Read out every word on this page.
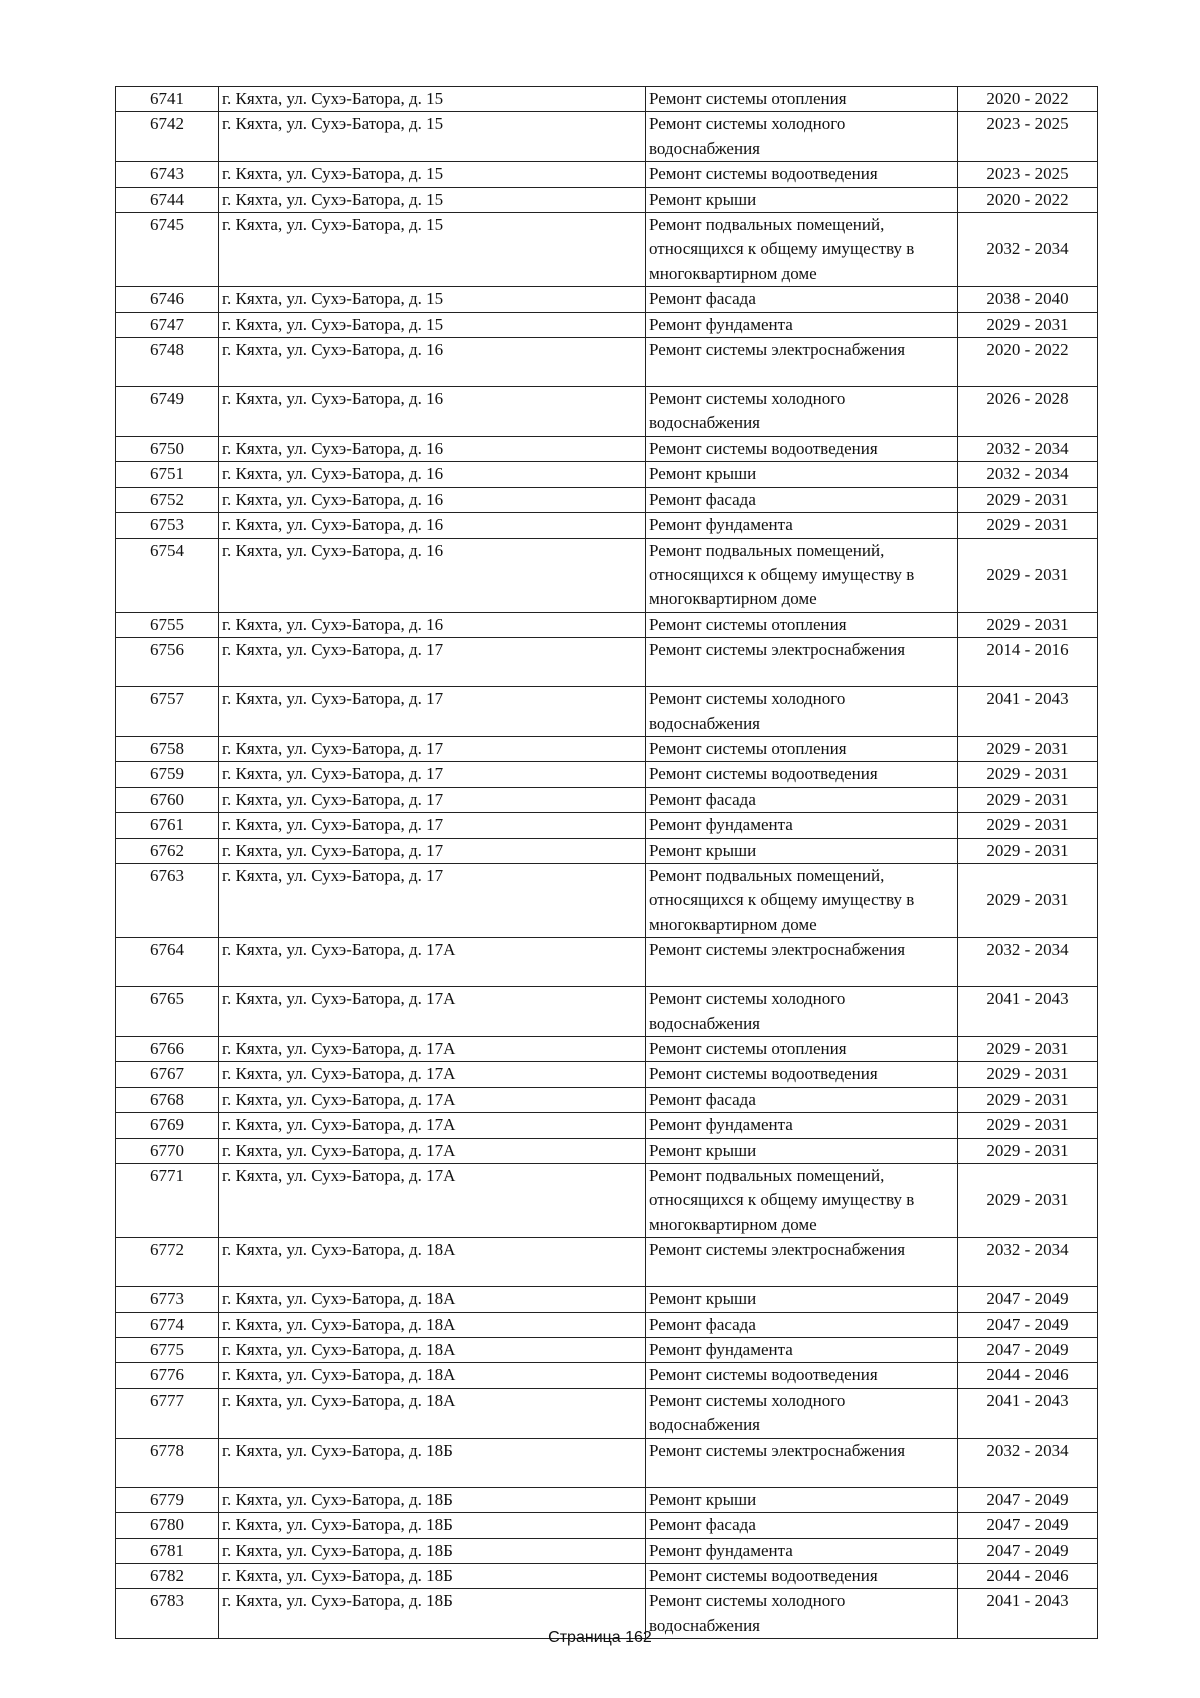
6741	г. Кяхта, ул. Сухэ-Батора, д. 15	Ремонт системы отопления	2020 - 2022
6742	г. Кяхта, ул. Сухэ-Батора, д. 15	Ремонт системы холодного водоснабжения	2023 - 2025
6743	г. Кяхта, ул. Сухэ-Батора, д. 15	Ремонт системы водоотведения	2023 - 2025
6744	г. Кяхта, ул. Сухэ-Батора, д. 15	Ремонт крыши	2020 - 2022
6745	г. Кяхта, ул. Сухэ-Батора, д. 15	Ремонт подвальных помещений, относящихся к общему имуществу в многоквартирном доме	2032 - 2034
6746	г. Кяхта, ул. Сухэ-Батора, д. 15	Ремонт фасада	2038 - 2040
6747	г. Кяхта, ул. Сухэ-Батора, д. 15	Ремонт фундамента	2029 - 2031
6748	г. Кяхта, ул. Сухэ-Батора, д. 16	Ремонт системы электроснабжения	2020 - 2022
6749	г. Кяхта, ул. Сухэ-Батора, д. 16	Ремонт системы холодного водоснабжения	2026 - 2028
6750	г. Кяхта, ул. Сухэ-Батора, д. 16	Ремонт системы водоотведения	2032 - 2034
6751	г. Кяхта, ул. Сухэ-Батора, д. 16	Ремонт крыши	2032 - 2034
6752	г. Кяхта, ул. Сухэ-Батора, д. 16	Ремонт фасада	2029 - 2031
6753	г. Кяхта, ул. Сухэ-Батора, д. 16	Ремонт фундамента	2029 - 2031
6754	г. Кяхта, ул. Сухэ-Батора, д. 16	Ремонт подвальных помещений, относящихся к общему имуществу в многоквартирном доме	2029 - 2031
6755	г. Кяхта, ул. Сухэ-Батора, д. 16	Ремонт системы отопления	2029 - 2031
6756	г. Кяхта, ул. Сухэ-Батора, д. 17	Ремонт системы электроснабжения	2014 - 2016
6757	г. Кяхта, ул. Сухэ-Батора, д. 17	Ремонт системы холодного водоснабжения	2041 - 2043
6758	г. Кяхта, ул. Сухэ-Батора, д. 17	Ремонт системы отопления	2029 - 2031
6759	г. Кяхта, ул. Сухэ-Батора, д. 17	Ремонт системы водоотведения	2029 - 2031
6760	г. Кяхта, ул. Сухэ-Батора, д. 17	Ремонт фасада	2029 - 2031
6761	г. Кяхта, ул. Сухэ-Батора, д. 17	Ремонт фундамента	2029 - 2031
6762	г. Кяхта, ул. Сухэ-Батора, д. 17	Ремонт крыши	2029 - 2031
6763	г. Кяхта, ул. Сухэ-Батора, д. 17	Ремонт подвальных помещений, относящихся к общему имуществу в многоквартирном доме	2029 - 2031
6764	г. Кяхта, ул. Сухэ-Батора, д. 17А	Ремонт системы электроснабжения	2032 - 2034
6765	г. Кяхта, ул. Сухэ-Батора, д. 17А	Ремонт системы холодного водоснабжения	2041 - 2043
6766	г. Кяхта, ул. Сухэ-Батора, д. 17А	Ремонт системы отопления	2029 - 2031
6767	г. Кяхта, ул. Сухэ-Батора, д. 17А	Ремонт системы водоотведения	2029 - 2031
6768	г. Кяхта, ул. Сухэ-Батора, д. 17А	Ремонт фасада	2029 - 2031
6769	г. Кяхта, ул. Сухэ-Батора, д. 17А	Ремонт фундамента	2029 - 2031
6770	г. Кяхта, ул. Сухэ-Батора, д. 17А	Ремонт крыши	2029 - 2031
6771	г. Кяхта, ул. Сухэ-Батора, д. 17А	Ремонт подвальных помещений, относящихся к общему имуществу в многоквартирном доме	2029 - 2031
6772	г. Кяхта, ул. Сухэ-Батора, д. 18А	Ремонт системы электроснабжения	2032 - 2034
6773	г. Кяхта, ул. Сухэ-Батора, д. 18А	Ремонт крыши	2047 - 2049
6774	г. Кяхта, ул. Сухэ-Батора, д. 18А	Ремонт фасада	2047 - 2049
6775	г. Кяхта, ул. Сухэ-Батора, д. 18А	Ремонт фундамента	2047 - 2049
6776	г. Кяхта, ул. Сухэ-Батора, д. 18А	Ремонт системы водоотведения	2044 - 2046
6777	г. Кяхта, ул. Сухэ-Батора, д. 18А	Ремонт системы холодного водоснабжения	2041 - 2043
6778	г. Кяхта, ул. Сухэ-Батора, д. 18Б	Ремонт системы электроснабжения	2032 - 2034
6779	г. Кяхта, ул. Сухэ-Батора, д. 18Б	Ремонт крыши	2047 - 2049
6780	г. Кяхта, ул. Сухэ-Батора, д. 18Б	Ремонт фасада	2047 - 2049
6781	г. Кяхта, ул. Сухэ-Батора, д. 18Б	Ремонт фундамента	2047 - 2049
6782	г. Кяхта, ул. Сухэ-Батора, д. 18Б	Ремонт системы водоотведения	2044 - 2046
6783	г. Кяхта, ул. Сухэ-Батора, д. 18Б	Ремонт системы холодного водоснабжения	2041 - 2043
Страница 162
